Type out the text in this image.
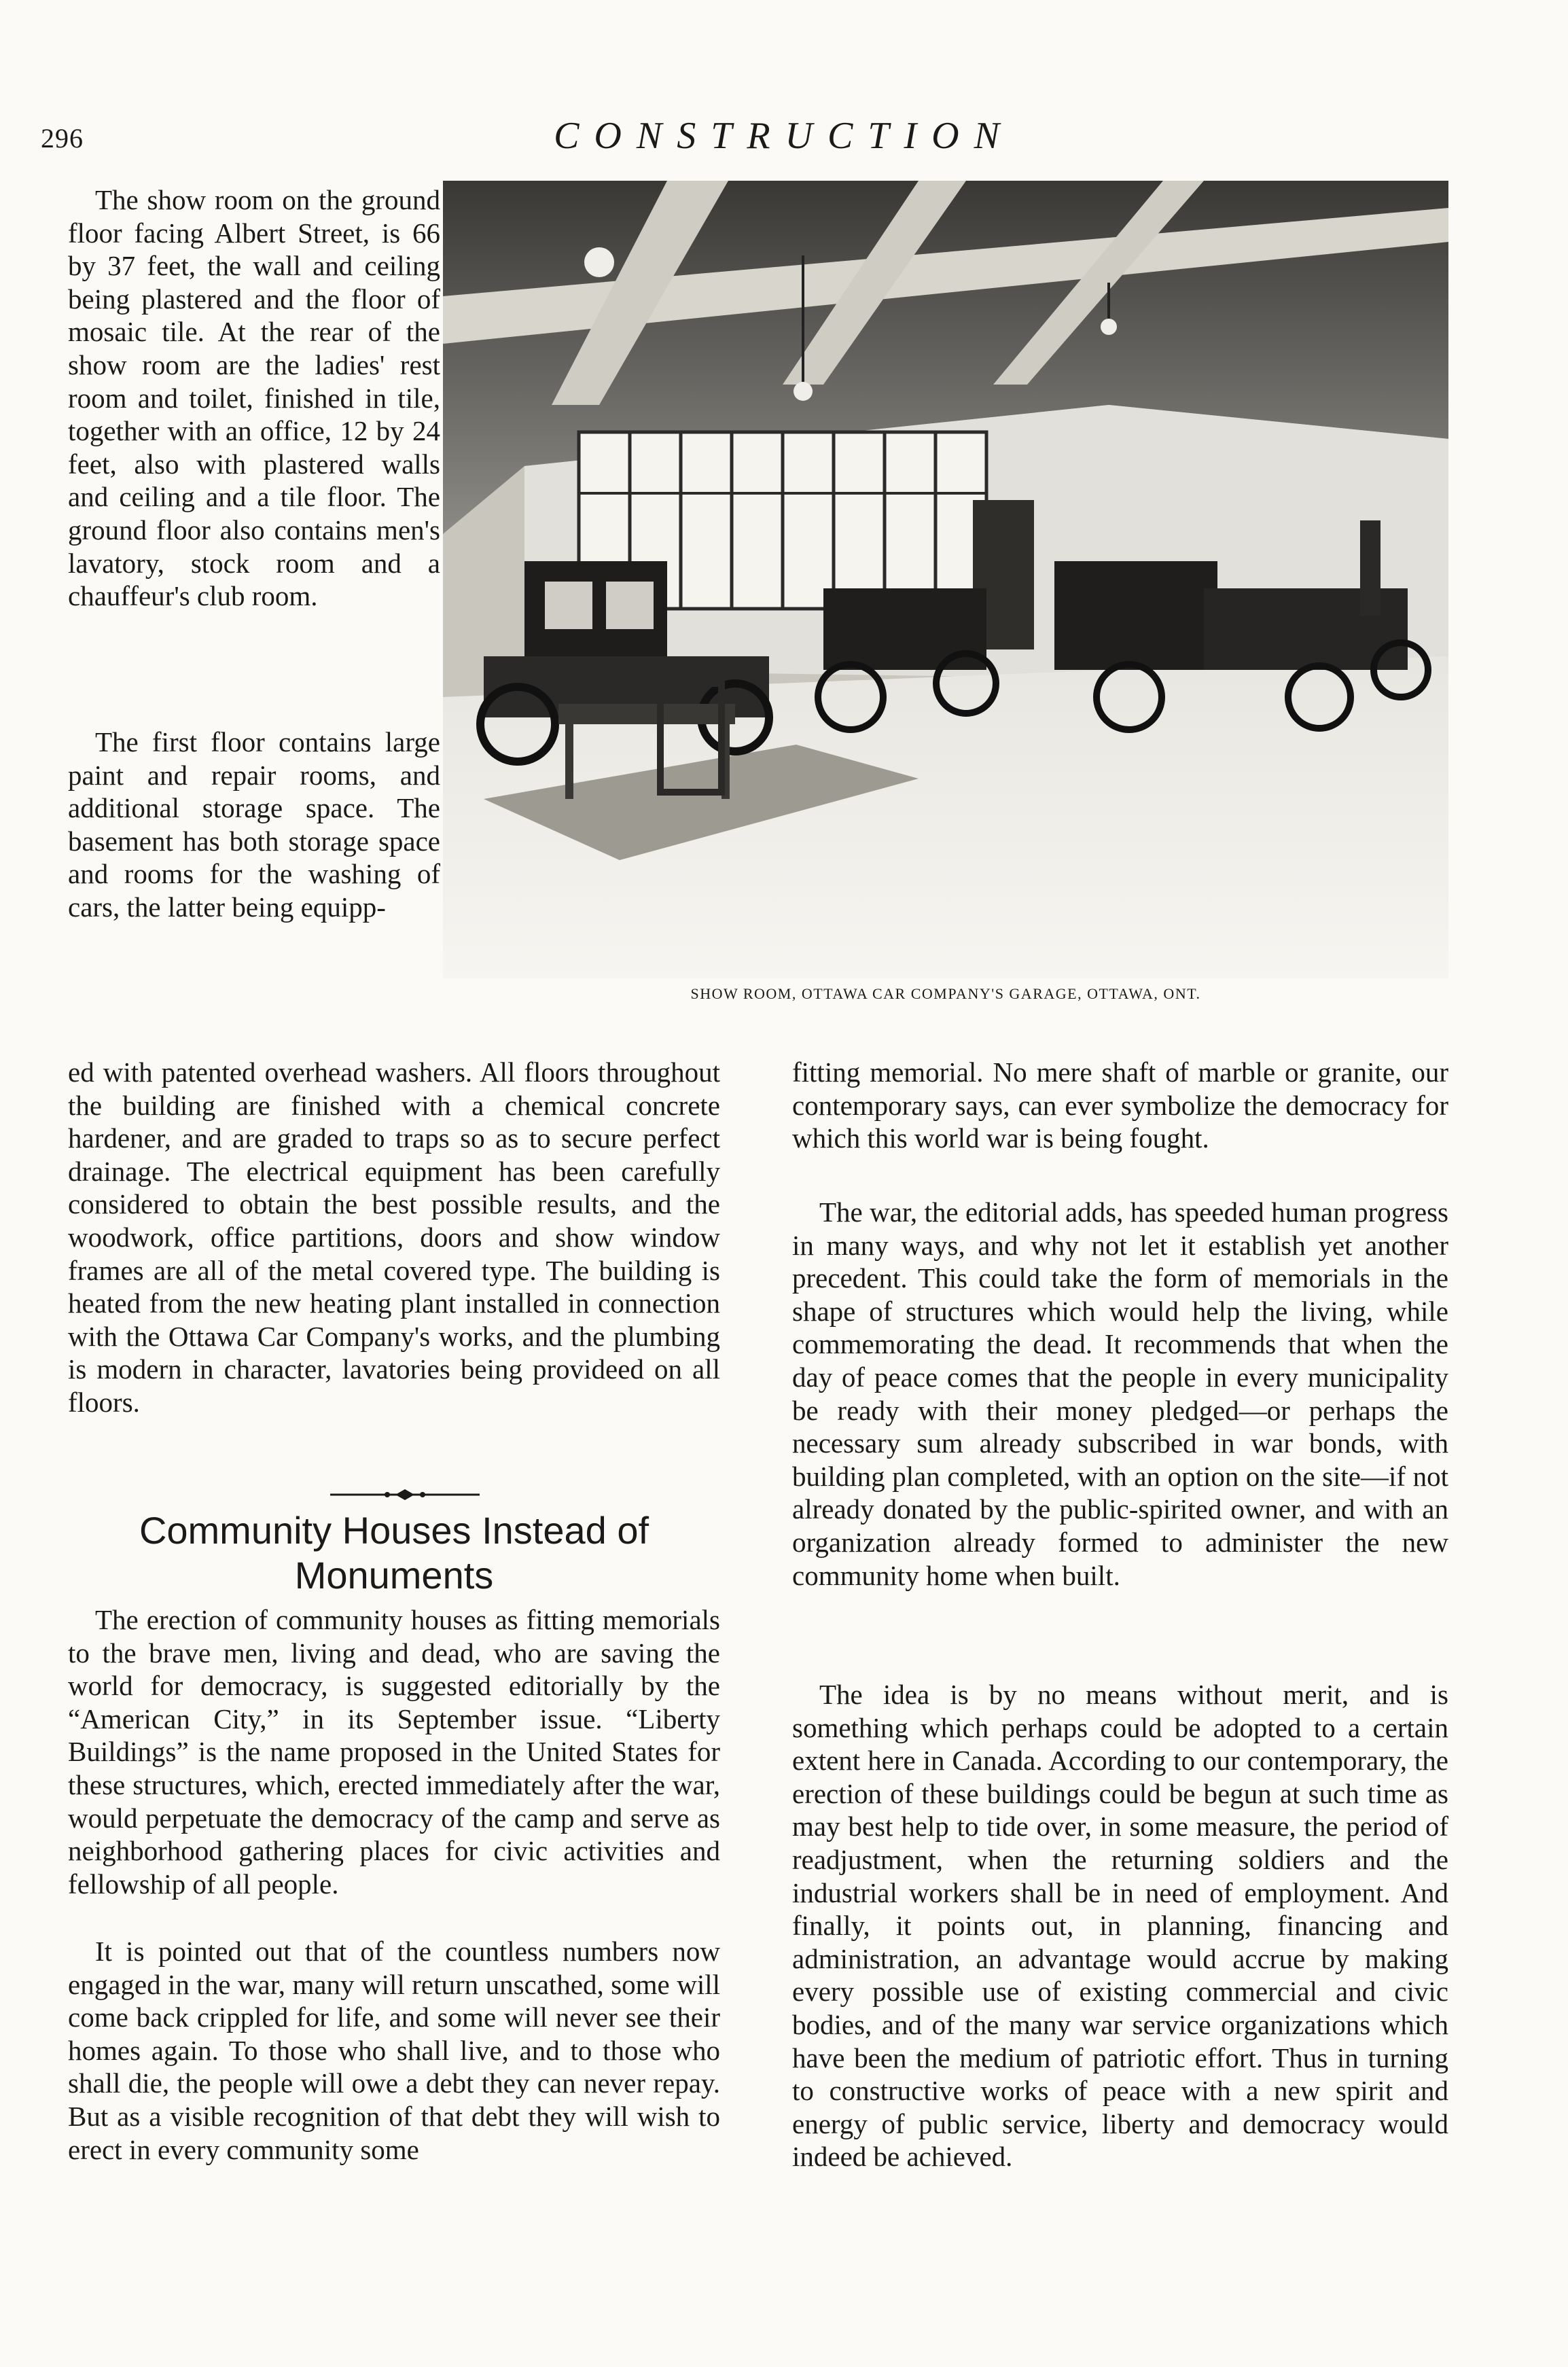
296	CONSTRUCTION

The show room on the ground floor facing Albert Street, is 66 by 37 feet, the wall and ceiling being plastered and the floor of mosaic tile. At the rear of the show room are the ladies' rest room and toilet, finished in tile, together with an office, 12 by 24 feet, also with plastered walls and ceiling and a tile floor. The ground floor also contains men's lavatory, stock room and a chauffeur's club room.

The first floor contains large paint and repair rooms, and additional storage space. The basement has both storage space and rooms for the washing of cars, the latter being equipp-

SHOW ROOM, OTTAWA CAR COMPANY'S GARAGE, OTTAWA, ONT.

ed with patented overhead washers. All floors throughout the building are finished with a chemical concrete hardener, and are graded to traps so as to secure perfect drainage. The electrical equipment has been carefully considered to obtain the best possible results, and the woodwork, office partitions, doors and show window frames are all of the metal covered type. The building is heated from the new heating plant installed in connection with the Ottawa Car Company's works, and the plumbing is modern in character, lavatories being provideed on all floors.

Community Houses Instead of Monuments

The erection of community houses as fitting memorials to the brave men, living and dead, who are saving the world for democracy, is suggested editorially by the “American City,” in its September issue. “Liberty Buildings” is the name proposed in the United States for these structures, which, erected immediately after the war, would perpetuate the democracy of the camp and serve as neighborhood gathering places for civic activities and fellowship of all people.

It is pointed out that of the countless numbers now engaged in the war, many will return unscathed, some will come back crippled for life, and some will never see their homes again. To those who shall live, and to those who shall die, the people will owe a debt they can never repay. But as a visible recognition of that debt they will wish to erect in every community some

fitting memorial. No mere shaft of marble or granite, our contemporary says, can ever symbolize the democracy for which this world war is being fought.

The war, the editorial adds, has speeded human progress in many ways, and why not let it establish yet another precedent. This could take the form of memorials in the shape of structures which would help the living, while commemorating the dead. It recommends that when the day of peace comes that the people in every municipality be ready with their money pledged—or perhaps the necessary sum already subscribed in war bonds, with building plan completed, with an option on the site—if not already donated by the public-spirited owner, and with an organization already formed to administer the new community home when built.

The idea is by no means without merit, and is something which perhaps could be adopted to a certain extent here in Canada. According to our contemporary, the erection of these buildings could be begun at such time as may best help to tide over, in some measure, the period of readjustment, when the returning soldiers and the industrial workers shall be in need of employment. And finally, it points out, in planning, financing and administration, an advantage would accrue by making every possible use of existing commercial and civic bodies, and of the many war service organizations which have been the medium of patriotic effort. Thus in turning to constructive works of peace with a new spirit and energy of public service, liberty and democracy would indeed be achieved.
